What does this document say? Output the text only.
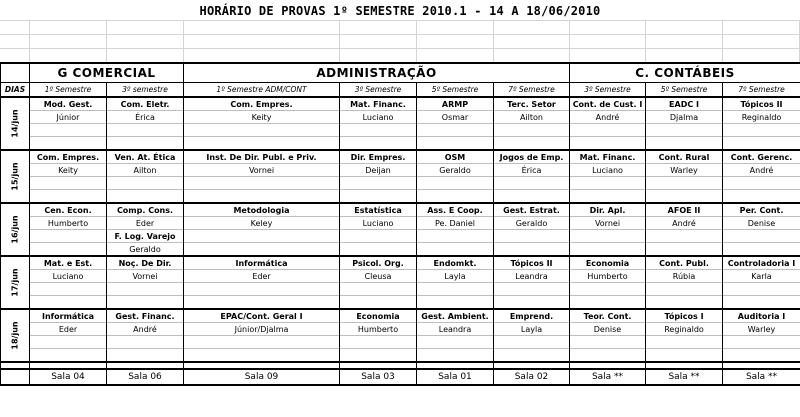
HORÁRIO DE PROVAS 1º SEMESTRE 2010.1 - 14 A 18/06/2010
	G COMERCIAL		ADMINISTRAÇÃO				C. CONTÁBEIS		
DIAS	1º Semestre	3º semestre	1º Semestre ADM/CONT	3º Semestre	5º Semestre	7º Semestre	3º Semestre	5º Semestre	7º Semestre
14/jun	Mod. Gest.	Com. Eletr.	Com. Empres.	Mat. Financ.	ARMP	Terc. Setor	Cont. de Cust. I	EADC I	Tópicos II
	Júnior	Érica	Keity	Luciano	Osmar	Ailton	André	Djalma	Reginaldo

15/jun	Com. Empres.	Ven. At. Ética	Inst. De Dir. Publ. e Priv.	Dir. Empres.	OSM	Jogos de Emp.	Mat. Financ.	Cont. Rural	Cont. Gerenc.
	Keity	Ailton	Vornei	Deijan	Geraldo	Érica	Luciano	Warley	André

16/jun	Cen. Econ.	Comp. Cons.	Metodologia	Estatística	Ass. E Coop.	Gest. Estrat.	Dir. Apl.	AFOE II	Per. Cont.
	Humberto	Eder	Keley	Luciano	Pe. Daniel	Geraldo	Vornei	André	Denise
		F. Log. Varejo							
		Geraldo							
17/jun	Mat. e Est.	Noç. De Dir.	Informática	Psicol. Org.	Endomkt.	Tópicos II	Economia	Cont. Publ.	Controladoria I
	Luciano	Vornei	Eder	Cleusa	Layla	Leandra	Humberto	Rúbia	Karla

18/jun	Informática	Gest. Financ.	EPAC/Cont. Geral I	Economia	Gest. Ambient.	Emprend.	Teor. Cont.	Tópicos I	Auditoria I
	Eder	André	Júnior/Djalma	Humberto	Leandra	Layla	Denise	Reginaldo	Warley

	Sala 04	Sala 06	Sala 09	Sala 03	Sala 01	Sala 02	Sala **	Sala **	Sala **
